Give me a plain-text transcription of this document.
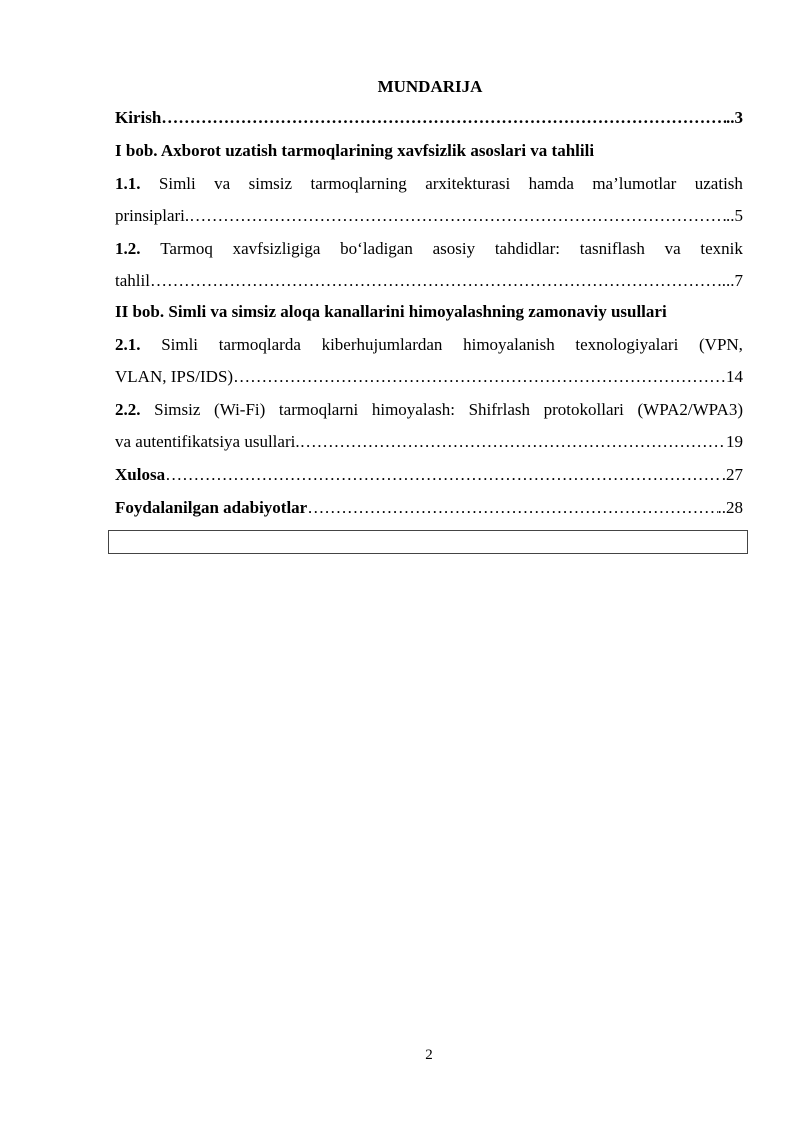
MUNDARIJA
Kirish ……………………………………………………………………………………………………………………………………………………………………	..3
I bob. Axborot uzatish tarmoqlarining xavfsizlik asoslari va tahlili
1.1. Simli va simsiz tarmoqlarning arxitekturasi hamda ma’lumotlar uzatish
prinsiplari. ……………………………………………………………………………………………………………………………………………………………………	..5
1.2. Tarmoq xavfsizligiga bo‘ladigan asosiy tahdidlar: tasniflash va texnik
tahlil ……………………………………………………………………………………………………………………………………………………………………	...7
II bob. Simli va simsiz aloqa kanallarini himoyalashning zamonaviy usullari
2.1. Simli tarmoqlarda kiberhujumlardan himoyalanish texnologiyalari (VPN,
VLAN, IPS/IDS) ……………………………………………………………………………………………………………………………………………………………………	14
2.2. Simsiz (Wi-Fi) tarmoqlarni himoyalash: Shifrlash protokollari (WPA2/WPA3)
va autentifikatsiya usullari. ……………………………………………………………………………………………………………………………………………………………………	19
Xulosa ……………………………………………………………………………………………………………………………………………………………………	.27
Foydalanilgan adabiyotlar ……………………………………………………………………………………………………………………………………………………………………	..28
2
